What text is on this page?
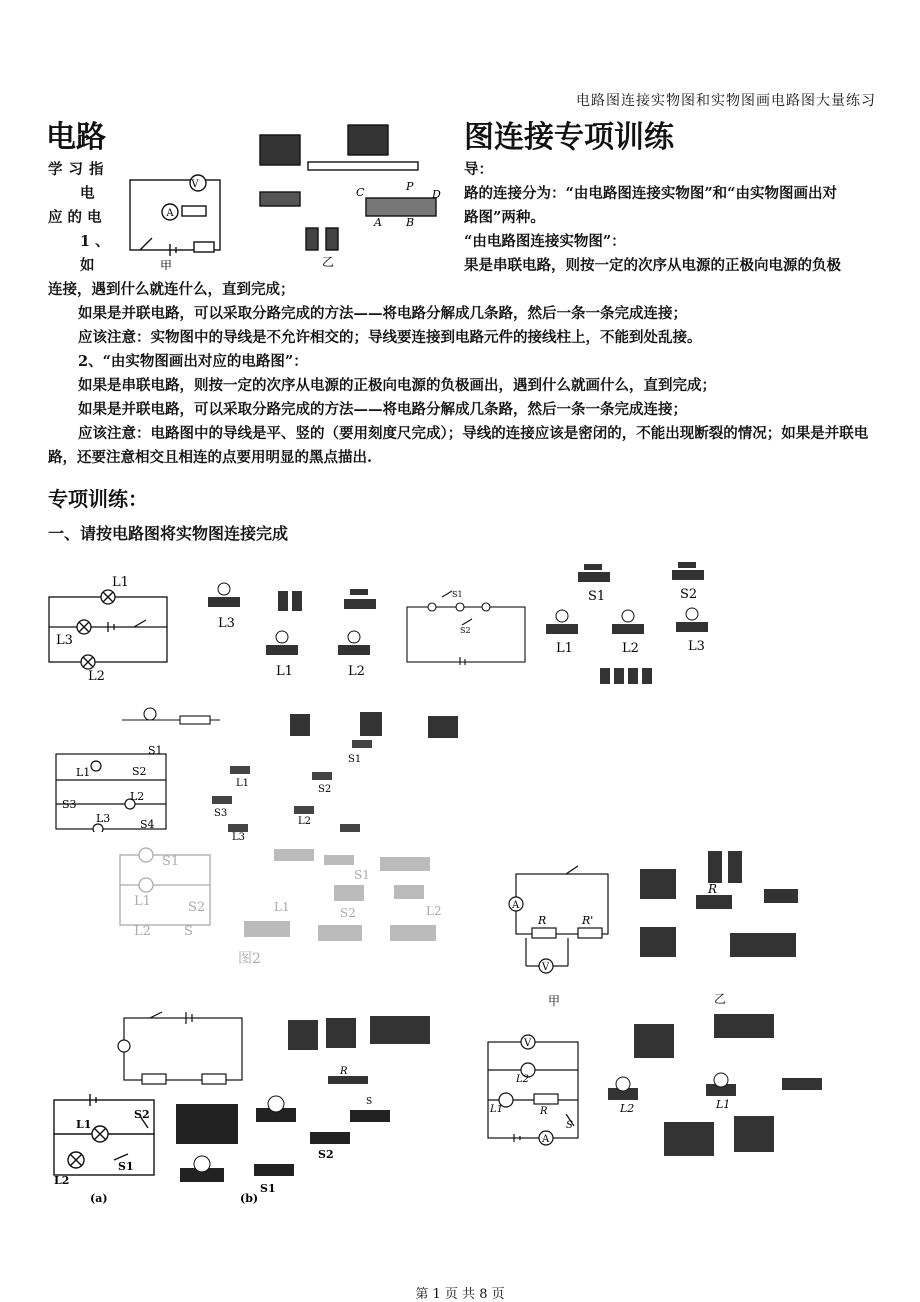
电路图连接实物图和实物图画电路图大量练习
电路	图连接专项训练
学习指	导：
电	路的连接分为：“由电路图连接实物图”和“由实物图画出对
应 的 电	路图”两种。
1 、	“由电路图连接实物图”：
如	果是串联电路，则按一定的次序从电源的正极向电源的负极
连接，遇到什么就连什么，直到完成；
如果是并联电路，可以采取分路完成的方法——将电路分解成几条路，然后一条一条完成连接；
应该注意：实物图中的导线是不允许相交的；导线要连接到电路元件的接线柱上，不能到处乱接。
2、“由实物图画出对应的电路图”：
如果是串联电路，则按一定的次序从电源的正极向电源的负极画出，遇到什么就画什么，直到完成；
如果是并联电路，可以采取分路完成的方法——将电路分解成几条路，然后一条一条完成连接；
应该注意：电路图中的导线是平、竖的（要用刻度尺完成）；导线的连接应该是密闭的，不能出现断裂的情况；如果是并联电路，还要注意相交且相连的点要用明显的黑点描出.
V
A
甲	乙
C	P
D
A B
专项训练：
一、请按电路图将实物图连接完成
L1
L3
L2
L3
L1	L2
S1
S2
S1	S2
L1	L2	L3
S1
S2
S3
S4
L1
L2
L3
S1
L1
S2
S3
L2
L3
S1
L1
L2	S
S2	L1
S1
S2	L2
图2
A
V
R	R'
R
甲	乙
R
L1
S2
L2
S1
(a)
S
S2
S1
(b)
V
L2
L1	R
S
A
L2	L1
第 1 页 共 8 页
